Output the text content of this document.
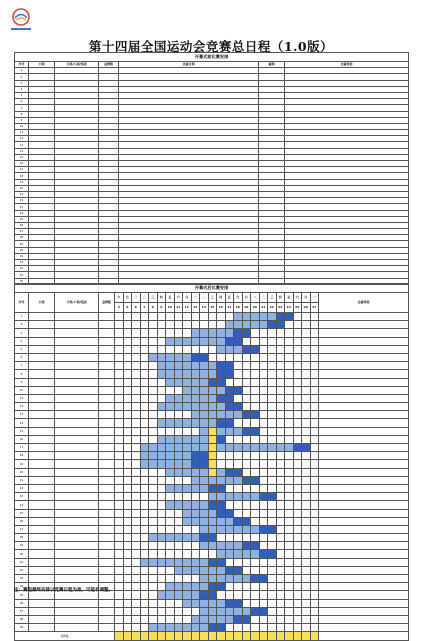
第十四届全国运动会竞赛总日程（1.0版）
开幕式前比赛安排						
序号	大项	分项/小项/组别	金牌数	比赛日期	赛期	比赛场馆
1						
2						
3						
4						
5						
6						
7						
8						
9						
10						
11						
12						
13						
14						
15						
16						
17						
18						
19						
20						
21						
22						
23						
24						
25						
26						
27						
28						
29						
30						
31						
32						
33						
34						
35						
开幕式后比赛安排																												
序号	大项	分项/小项/组别	金牌数	六	日	一	二	三	四	五	六	日	一	二	三	四	五	六	日	一	二	三	四	五	六	日	一	比赛场馆
				4	5	6	7	8	9	10	11	12	13	14	15	16	17	18	19	20	21	22	23	24	25	26	27	
1																												
2																												
3																												
4																												
5																												
6																												
7																												
8																												
9																												
10																												
11																												
12																												
13																												
14																												
15																												
16																												
17																												
18																												
19																												
20																												
21																												
22																												
23																												
24																												
25																												
26																												
27																												
28																												
29																												
30																												
31																												
32																												
33																												
34																												
35																												
36																												
37																												
38																												
39																												
金牌数																												
注：赛程最终安排以竞赛日程为准，可能有调整。
